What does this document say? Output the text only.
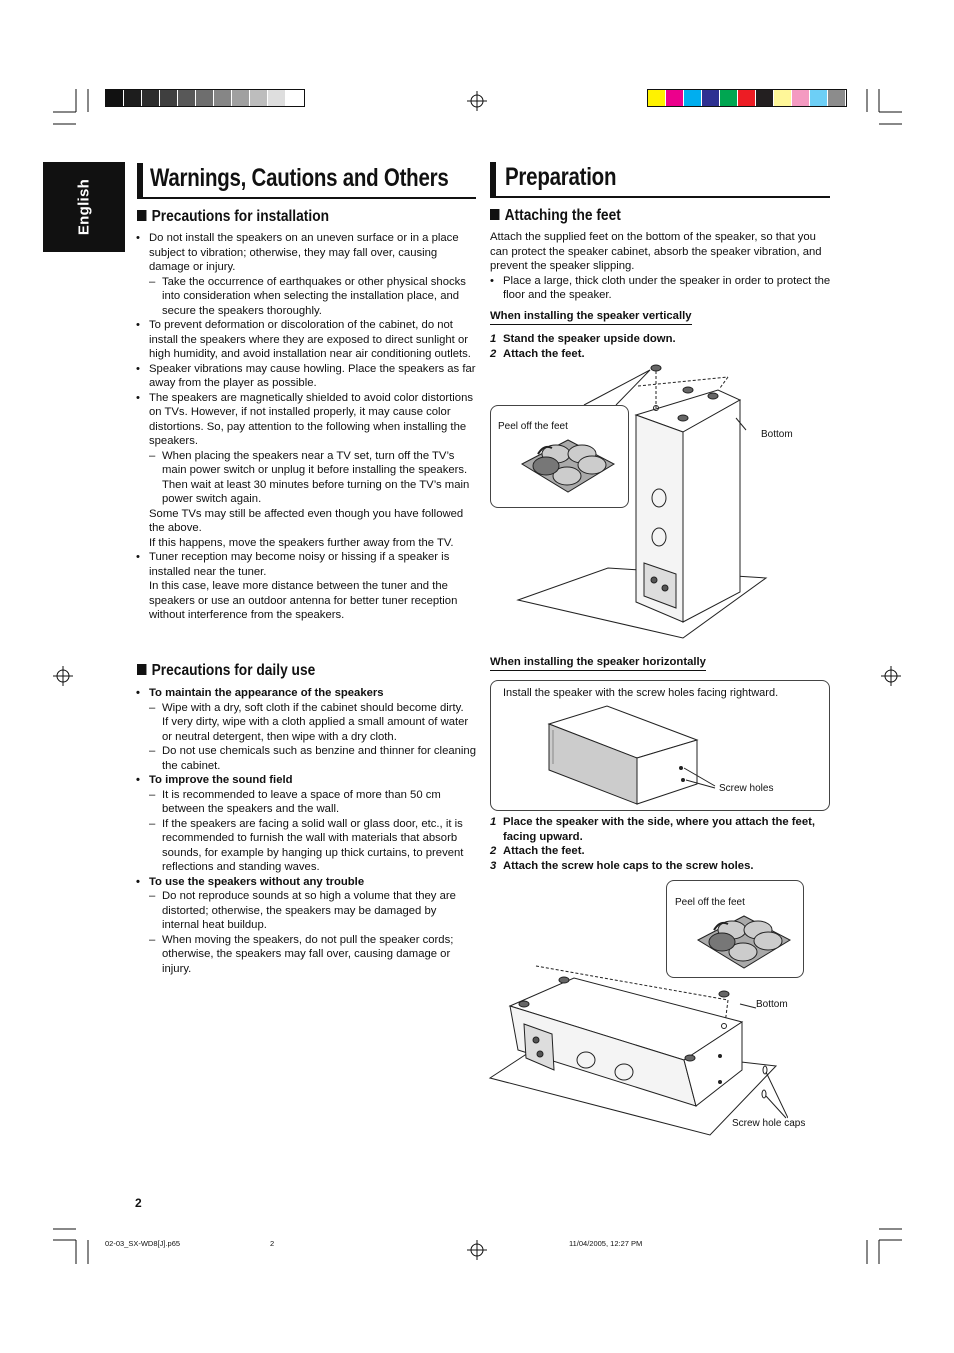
English
Warnings, Cautions and Others
Precautions for installation

• Do not install the speakers on an uneven surface or in a place subject to vibration; otherwise, they may fall over, causing damage or injury.

– Take the occurrence of earthquakes or other physical shocks into consideration when selecting the installation place, and secure the speakers thoroughly.

• To prevent deformation or discoloration of the cabinet, do not install the speakers where they are exposed to direct sunlight or high humidity, and avoid installation near air conditioning outlets.

• Speaker vibrations may cause howling. Place the speakers as far away from the player as possible.

• The speakers are magnetically shielded to avoid color distortions on TVs. However, if not installed properly, it may cause color distortions. So, pay attention to the following when installing the speakers.

– When placing the speakers near a TV set, turn off the TV’s main power switch or unplug it before installing the speakers.

Then wait at least 30 minutes before turning on the TV’s main power switch again.

Some TVs may still be affected even though you have followed the above.

If this happens, move the speakers further away from the TV.

• Tuner reception may become noisy or hissing if a speaker is installed near the tuner.

In this case, leave more distance between the tuner and the speakers or use an outdoor antenna for better tuner reception without interference from the speakers.

Precautions for daily use

• To maintain the appearance of the speakers

– Wipe with a dry, soft cloth if the cabinet should become dirty.

If very dirty, wipe with a cloth applied a small amount of water or neutral detergent, then wipe with a dry cloth.

– Do not use chemicals such as benzine and thinner for cleaning the cabinet.

• To improve the sound field

– It is recommended to leave a space of more than 50 cm between the speakers and the wall.

– If the speakers are facing a solid wall or glass door, etc., it is recommended to furnish the wall with materials that absorb sounds, for example by hanging up thick curtains, to prevent reflections and standing waves.

• To use the speakers without any trouble

– Do not reproduce sounds at so high a volume that they are distorted; otherwise, the speakers may be damaged by internal heat buildup.

– When moving the speakers, do not pull the speaker cords; otherwise, the speakers may fall over, causing damage or injury.

2
Preparation
Attaching the feet

Attach the supplied feet on the bottom of the speaker, so that you can protect the speaker cabinet, absorb the speaker vibration, and prevent the speaker slipping.

• Place a large, thick cloth under the speaker in order to protect the floor and the speaker.

When installing the speaker vertically

1 Stand the speaker upside down.

2 Attach the feet.

Peel off the feet
Bottom
When installing the speaker horizontally
Install the speaker with the screw holes facing rightward.
Screw holes

1 Place the speaker with the side, where you attach the feet, facing upward.

2 Attach the feet.

3 Attach the screw hole caps to the screw holes.

Peel off the feet
Bottom
Screw hole caps
02-03_SX-WD8[J].p65	2	11/04/2005, 12:27 PM
